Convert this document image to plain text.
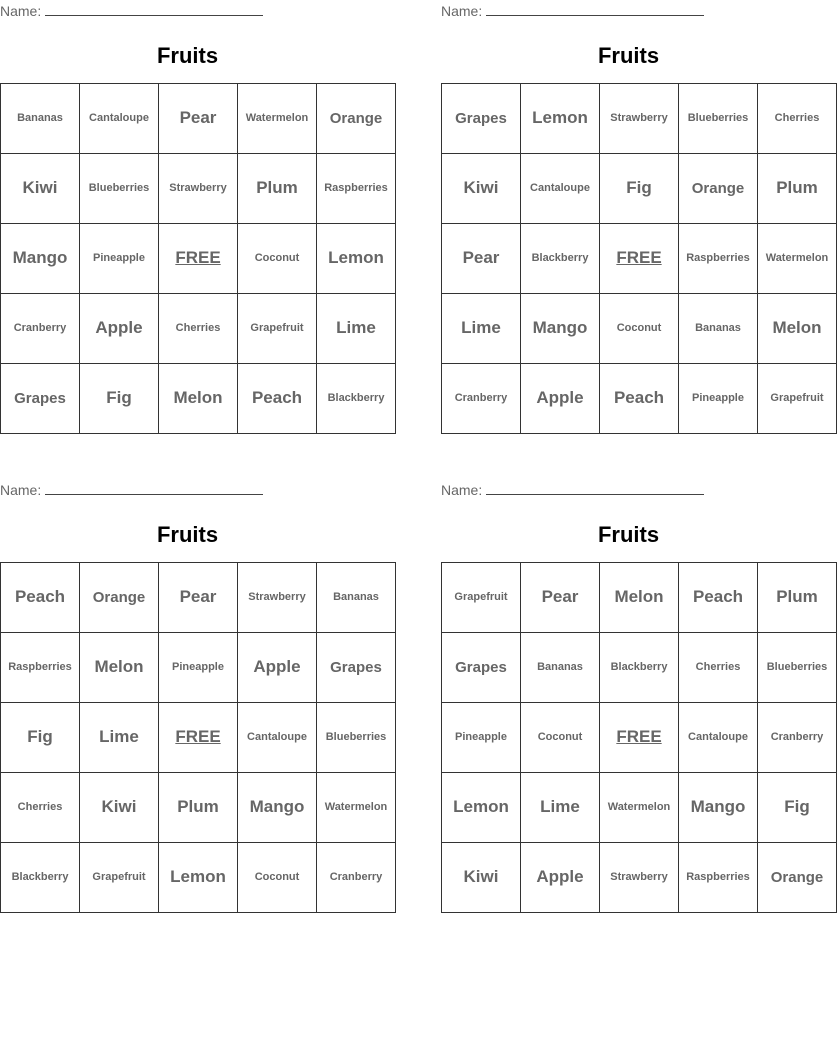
Name:
Fruits
Bananas	Cantaloupe	Pear	Watermelon	Orange
Kiwi	Blueberries	Strawberry	Plum	Raspberries
Mango	Pineapple	FREE	Coconut	Lemon
Cranberry	Apple	Cherries	Grapefruit	Lime
Grapes	Fig	Melon	Peach	Blackberry
Name:
Fruits
Grapes	Lemon	Strawberry	Blueberries	Cherries
Kiwi	Cantaloupe	Fig	Orange	Plum
Pear	Blackberry	FREE	Raspberries	Watermelon
Lime	Mango	Coconut	Bananas	Melon
Cranberry	Apple	Peach	Pineapple	Grapefruit
Name:
Fruits
Peach	Orange	Pear	Strawberry	Bananas
Raspberries	Melon	Pineapple	Apple	Grapes
Fig	Lime	FREE	Cantaloupe	Blueberries
Cherries	Kiwi	Plum	Mango	Watermelon
Blackberry	Grapefruit	Lemon	Coconut	Cranberry
Name:
Fruits
Grapefruit	Pear	Melon	Peach	Plum
Grapes	Bananas	Blackberry	Cherries	Blueberries
Pineapple	Coconut	FREE	Cantaloupe	Cranberry
Lemon	Lime	Watermelon	Mango	Fig
Kiwi	Apple	Strawberry	Raspberries	Orange
